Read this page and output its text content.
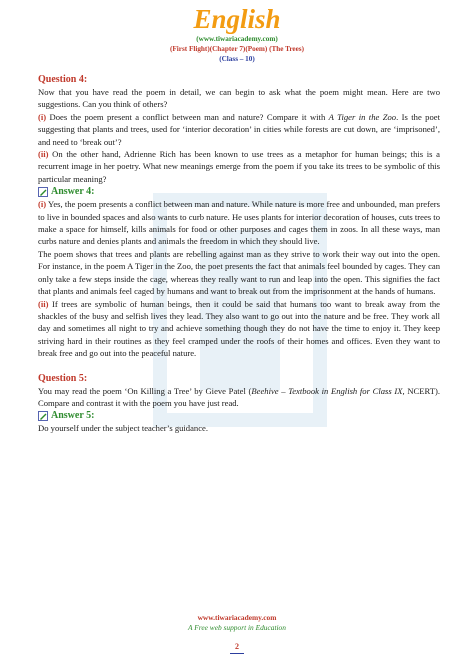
English
(www.tiwariacademy.com)
(First Flight)(Chapter 7)(Poem) (The Trees)
(Class – 10)
Question 4:

Now that you have read the poem in detail, we can begin to ask what the poem might mean. Here are two suggestions. Can you think of others?

(i) Does the poem present a conflict between man and nature? Compare it with A Tiger in the Zoo. Is the poet suggesting that plants and trees, used for ‘interior decoration’ in cities while forests are cut down, are ‘imprisoned’, and need to ‘break out’?

(ii) On the other hand, Adrienne Rich has been known to use trees as a metaphor for human beings; this is a recurrent image in her poetry. What new meanings emerge from the poem if you take its trees to be symbolic of this particular meaning?

Answer 4:

(i) Yes, the poem presents a conflict between man and nature. While nature is more free and unbounded, man prefers to live in bounded spaces and also wants to curb nature. He uses plants for interior decoration of houses, cuts trees to make a space for himself, kills animals for food or other purposes and cages them in zoos. In all these ways, man curbs nature and denies plants and animals the freedom in which they should live.

The poem shows that trees and plants are rebelling against man as they strive to work their way out into the open. For instance, in the poem A Tiger in the Zoo, the poet presents the fact that animals feel bounded by cages. They can only take a few steps inside the cage, whereas they really want to run and leap into the open. This signifies the fact that plants and animals feel caged by humans and want to break out from the imprisonment at the hands of humans.

(ii) If trees are symbolic of human beings, then it could be said that humans too want to break away from the shackles of the busy and selfish lives they lead. They also want to go out into the nature and be free. They work all day and sometimes all night to try and achieve something though they do not have the time to enjoy it. They keep striving hard in their routines as they feel cramped under the roofs of their homes and offices. Even they want to break free and go out into the peaceful nature.

Question 5:

You may read the poem ‘On Killing a Tree’ by Gieve Patel (Beehive – Textbook in English for Class IX, NCERT). Compare and contrast it with the poem you have just read.

Answer 5:

Do yourself under the subject teacher’s guidance.

www.tiwariacademy.com
A Free web support in Education
2
